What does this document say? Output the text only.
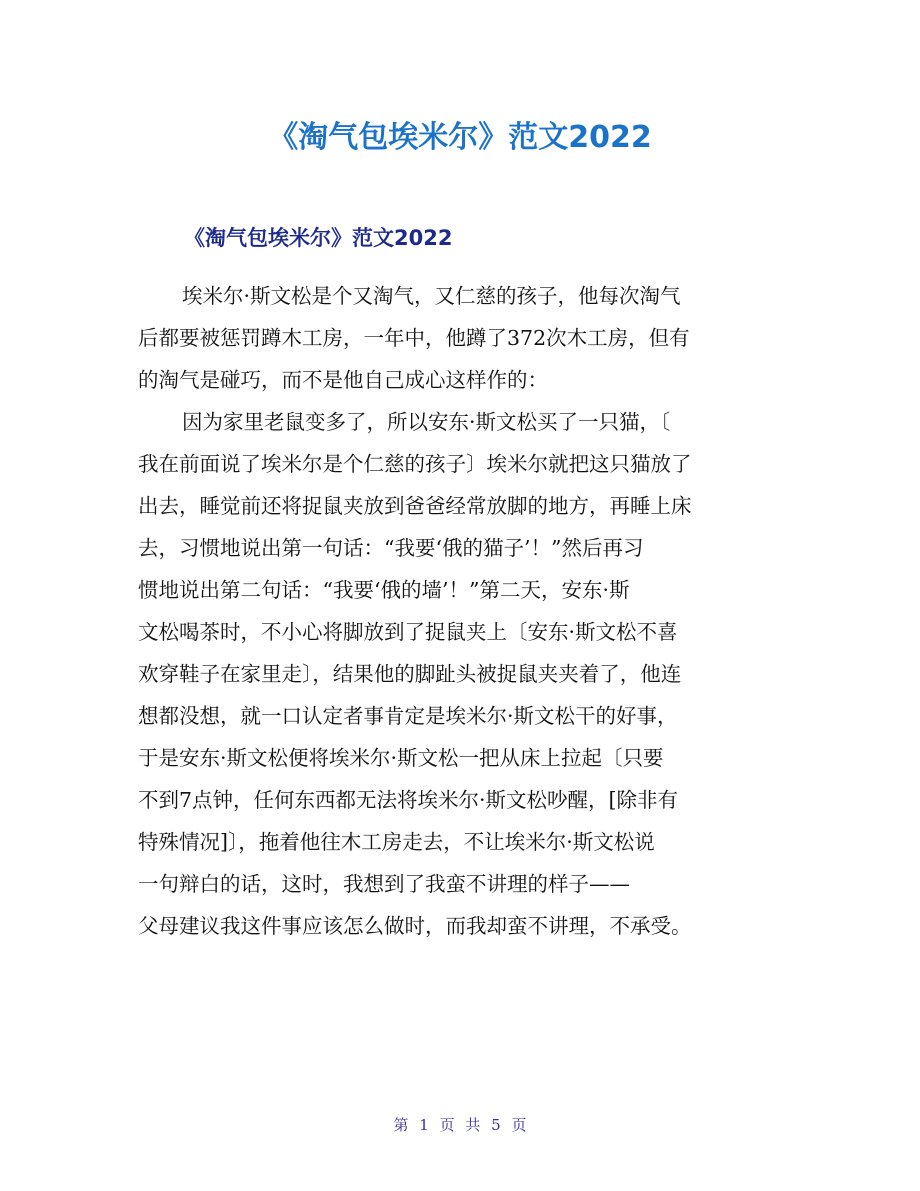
《淘气包埃米尔》范文2022
《淘气包埃米尔》范文2022
埃米尔·斯文松是个又淘气，又仁慈的孩子，他每次淘气
后都要被惩罚蹲木工房，一年中，他蹲了372次木工房，但有
的淘气是碰巧，而不是他自己成心这样作的：
因为家里老鼠变多了，所以安东·斯文松买了一只猫，〔
我在前面说了埃米尔是个仁慈的孩子〕埃米尔就把这只猫放了
出去，睡觉前还将捉鼠夹放到爸爸经常放脚的地方，再睡上床
去，习惯地说出第一句话：“我要‘俄的猫子’！”然后再习
惯地说出第二句话：“我要‘俄的墙’！”第二天，安东·斯
文松喝茶时，不小心将脚放到了捉鼠夹上〔安东·斯文松不喜
欢穿鞋子在家里走〕，结果他的脚趾头被捉鼠夹夹着了，他连
想都没想，就一口认定者事肯定是埃米尔·斯文松干的好事，
于是安东·斯文松便将埃米尔·斯文松一把从床上拉起〔只要
不到7点钟，任何东西都无法将埃米尔·斯文松吵醒，[除非有
特殊情况]〕，拖着他往木工房走去，不让埃米尔·斯文松说
一句辩白的话，这时，我想到了我蛮不讲理的样子——
父母建议我这件事应该怎么做时，而我却蛮不讲理，不承受。
第 1 页 共 5 页
